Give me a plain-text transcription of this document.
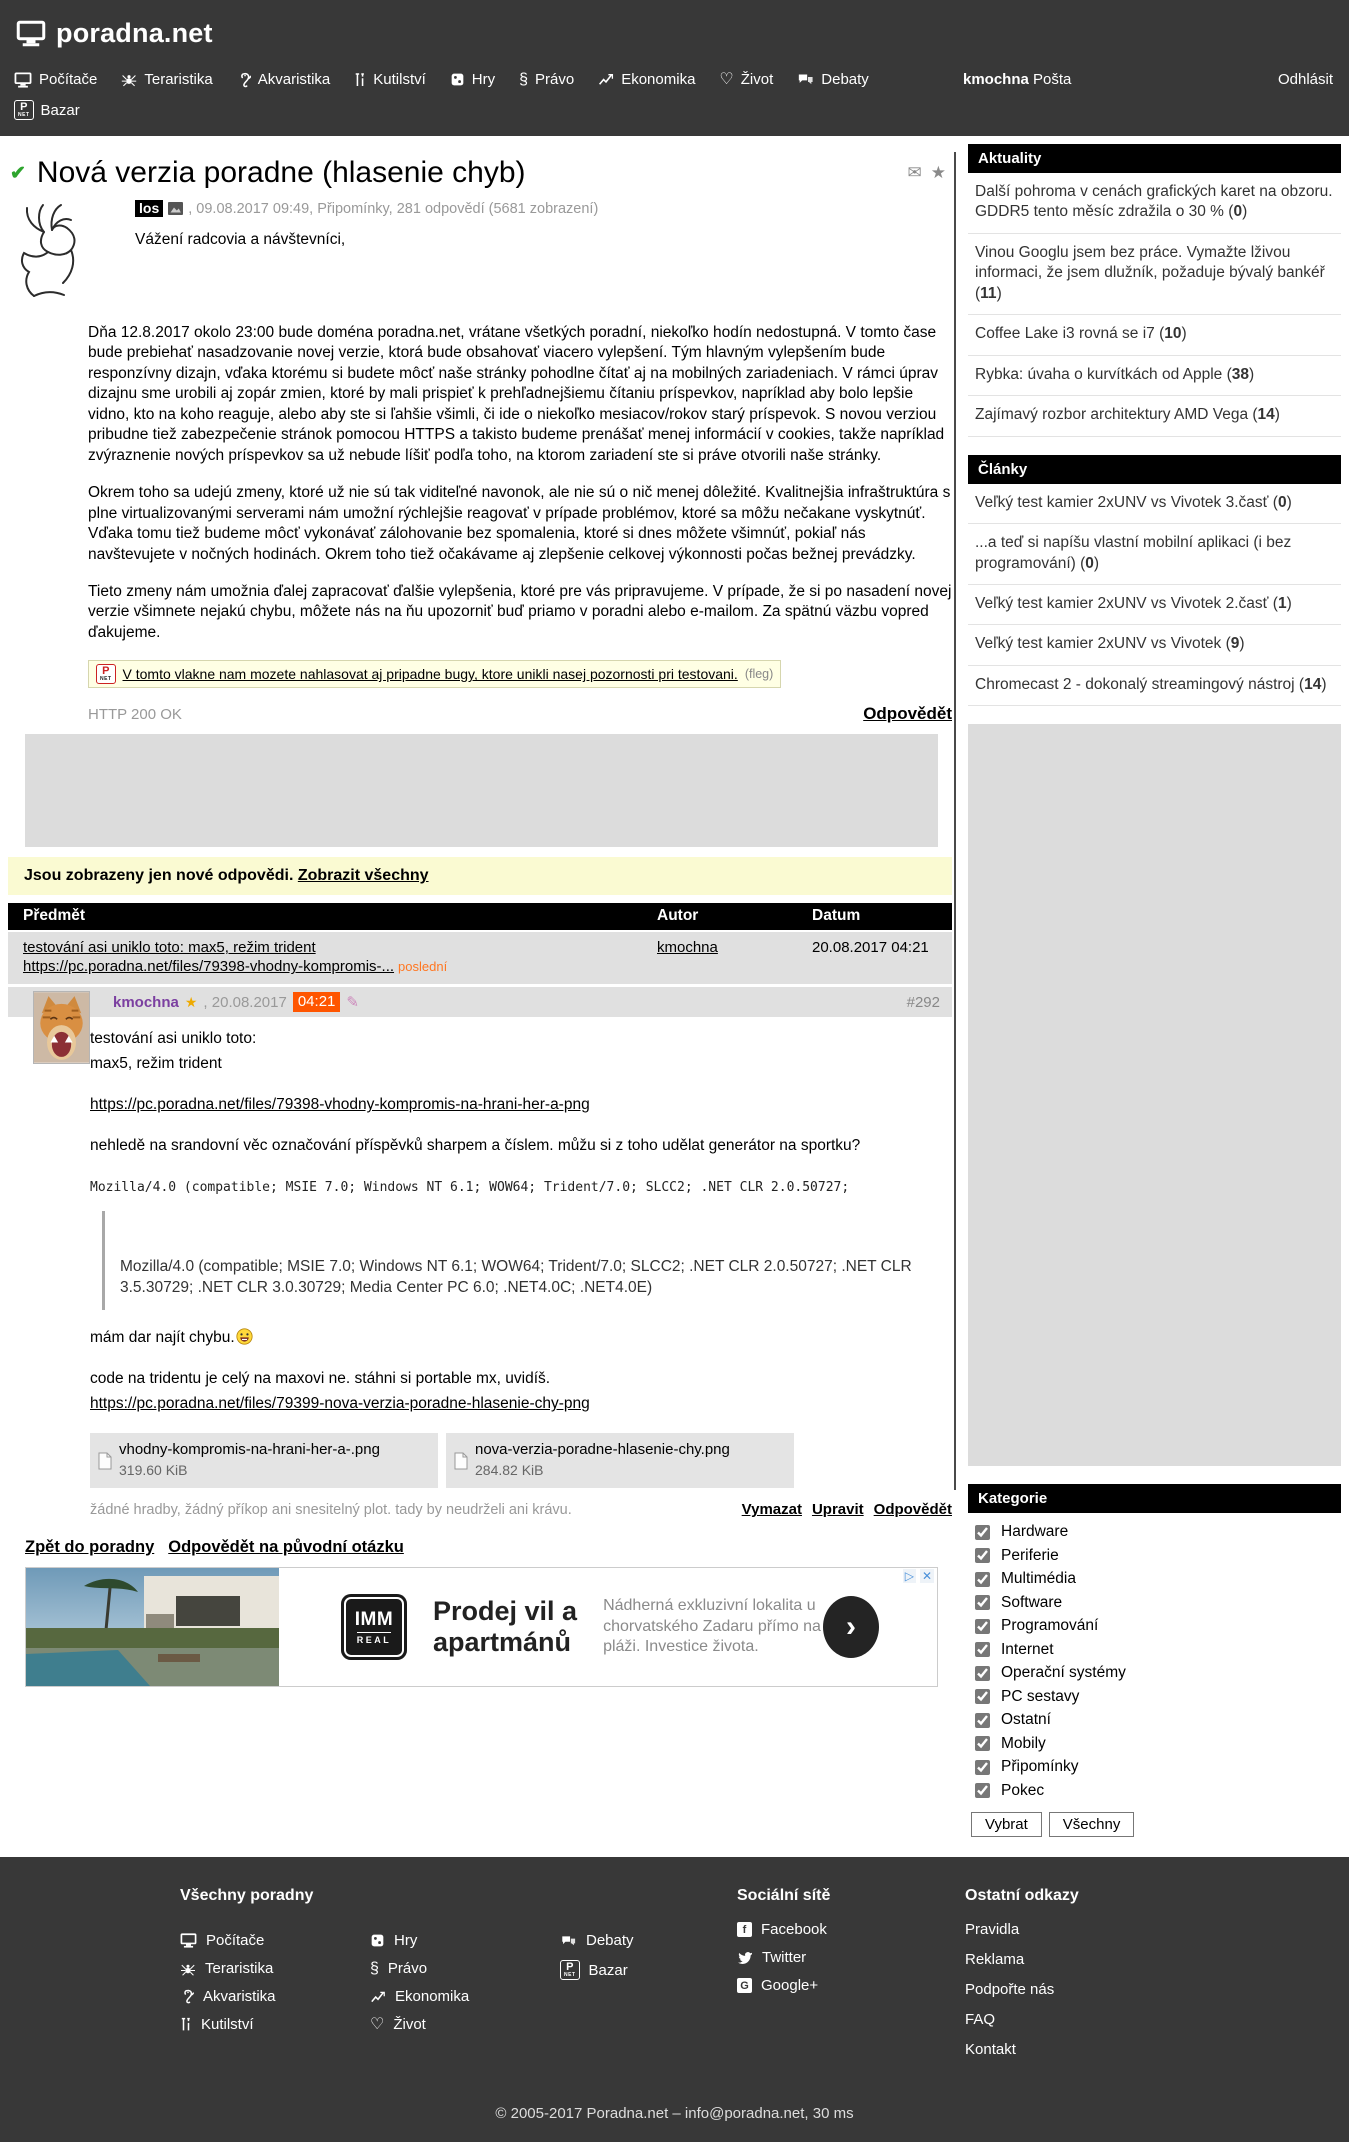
poradna.net
Počítače	Teraristika	Akvaristika	Kutilství	Hry § Právo	Ekonomika ♡ Život	Debaty	kmochna Pošta	Odhlásit
P
NET Bazar
✔ Nová verzia poradne (hlasenie chyb)	✉ ★
los , 09.08.2017 09:49, Připomínky, 281 odpovědí (5681 zobrazení)
Vážení radcovia a návštevníci,

Dňa 12.8.2017 okolo 23:00 bude doména poradna.net, vrátane všetkých poradní, niekoľko hodín nedostupná. V tomto čase bude prebiehať nasadzovanie novej verzie, ktorá bude obsahovať viacero vylepšení. Tým hlavným vylepšením bude responzívny dizajn, vďaka ktorému si budete môcť naše stránky pohodlne čítať aj na mobilných zariadeniach. V rámci úprav dizajnu sme urobili aj zopár zmien, ktoré by mali prispieť k prehľadnejšiemu čítaniu príspevkov, napríklad aby bolo lepšie vidno, kto na koho reaguje, alebo aby ste si ľahšie všimli, či ide o niekoľko mesiacov/rokov starý príspevok. S novou verziou pribudne tiež zabezpečenie stránok pomocou HTTPS a takisto budeme prenášať menej informácií v cookies, takže napríklad zvýraznenie nových príspevkov sa už nebude líšiť podľa toho, na ktorom zariadení ste si práve otvorili naše stránky.

Okrem toho sa udejú zmeny, ktoré už nie sú tak viditeľné navonok, ale nie sú o nič menej dôležité. Kvalitnejšia infraštruktúra s plne virtualizovanými serverami nám umožní rýchlejšie reagovať v prípade problémov, ktoré sa môžu nečakane vyskytnúť. Vďaka tomu tiež budeme môcť vykonávať zálohovanie bez spomalenia, ktoré si dnes môžete všimnúť, pokiaľ nás navštevujete v nočných hodinách. Okrem toho tiež očakávame aj zlepšenie celkovej výkonnosti počas bežnej prevádzky.

Tieto zmeny nám umožnia ďalej zapracovať ďalšie vylepšenia, ktoré pre vás pripravujeme. V prípade, že si po nasadení novej verzie všimnete nejakú chybu, môžete nás na ňu upozorniť buď priamo v poradni alebo e-mailom. Za spätnú väzbu vopred ďakujeme.

P
NET V tomto vlakne nam mozete nahlasovat aj pripadne bugy, ktore unikli nasej pozornosti pri testovani. (fleg)
HTTP 200 OK	Odpovědět
Jsou zobrazeny jen nové odpovědi. Zobrazit všechny
Předmět	Autor	Datum
testování asi uniklo toto: max5, režim trident
https://pc.poradna.net/files/79398-vhodny-kompromis-... poslední
kmochna	20.08.2017 04:21
kmochna ★ , 20.08.2017 04:21 ✎	#292
testování asi uniklo toto:
max5, režim trident
https://pc.poradna.net/files/79398-vhodny-kompromis-na-hrani-her-a-png
nehledě na srandovní věc označování příspěvků sharpem a číslem. můžu si z toho udělat generátor na sportku?
Mozilla/4.0 (compatible; MSIE 7.0; Windows NT 6.1; WOW64; Trident/7.0; SLCC2; .NET CLR 2.0.50727;
Mozilla/4.0 (compatible; MSIE 7.0; Windows NT 6.1; WOW64; Trident/7.0; SLCC2; .NET CLR 2.0.50727; .NET CLR 3.5.30729; .NET CLR 3.0.30729; Media Center PC 6.0; .NET4.0C; .NET4.0E)
mám dar najít chybu.
code na tridentu je celý na maxovi ne. stáhni si portable mx, uvidíš.
https://pc.poradna.net/files/79399-nova-verzia-poradne-hlasenie-chy-png
vhodny-kompromis-na-hrani-her-a-.png
319.60 KiB
nova-verzia-poradne-hlasenie-chy.png
284.82 KiB
žádné hradby, žádný příkop ani snesitelný plot. tady by neudrželi ani krávu.	Vymazat Upravit Odpovědět
Zpět do poradny Odpovědět na původní otázku
IMM
REAL
Prodej vil a
apartmánů
Nádherná exkluzivní lokalita u chorvatského Zadaru přímo na pláži. Investice života.
›
▷ ✕
Aktuality
Další pohroma v cenách grafických karet na obzoru. GDDR5 tento měsíc zdražila o 30 % (0)
Vinou Googlu jsem bez práce. Vymažte lživou informaci, že jsem dlužník, požaduje bývalý bankéř (11)
Coffee Lake i3 rovná se i7 (10)
Rybka: úvaha o kurvítkách od Apple (38)
Zajímavý rozbor architektury AMD Vega (14)
Články
Veľký test kamier 2xUNV vs Vivotek 3.časť (0)
...a teď si napíšu vlastní mobilní aplikaci (i bez programování) (0)
Veľký test kamier 2xUNV vs Vivotek 2.časť (1)
Veľký test kamier 2xUNV vs Vivotek (9)
Chromecast 2 - dokonalý streamingový nástroj (14)
Kategorie
Hardware
Periferie
Multimédia
Software
Programování
Internet
Operační systémy
PC sestavy
Ostatní
Mobily
Připomínky
Pokec
Vybrat	Všechny
Všechny poradny
Počítače
Teraristika
Akvaristika
Kutilství
Hry
§ Právo
Ekonomika
♡ Život
Debaty
P
NET Bazar
Sociální sítě
f Facebook
Twitter
G Google+
Ostatní odkazy
Pravidla
Reklama
Podpořte nás
FAQ
Kontakt
© 2005-2017 Poradna.net – info@poradna.net, 30 ms
